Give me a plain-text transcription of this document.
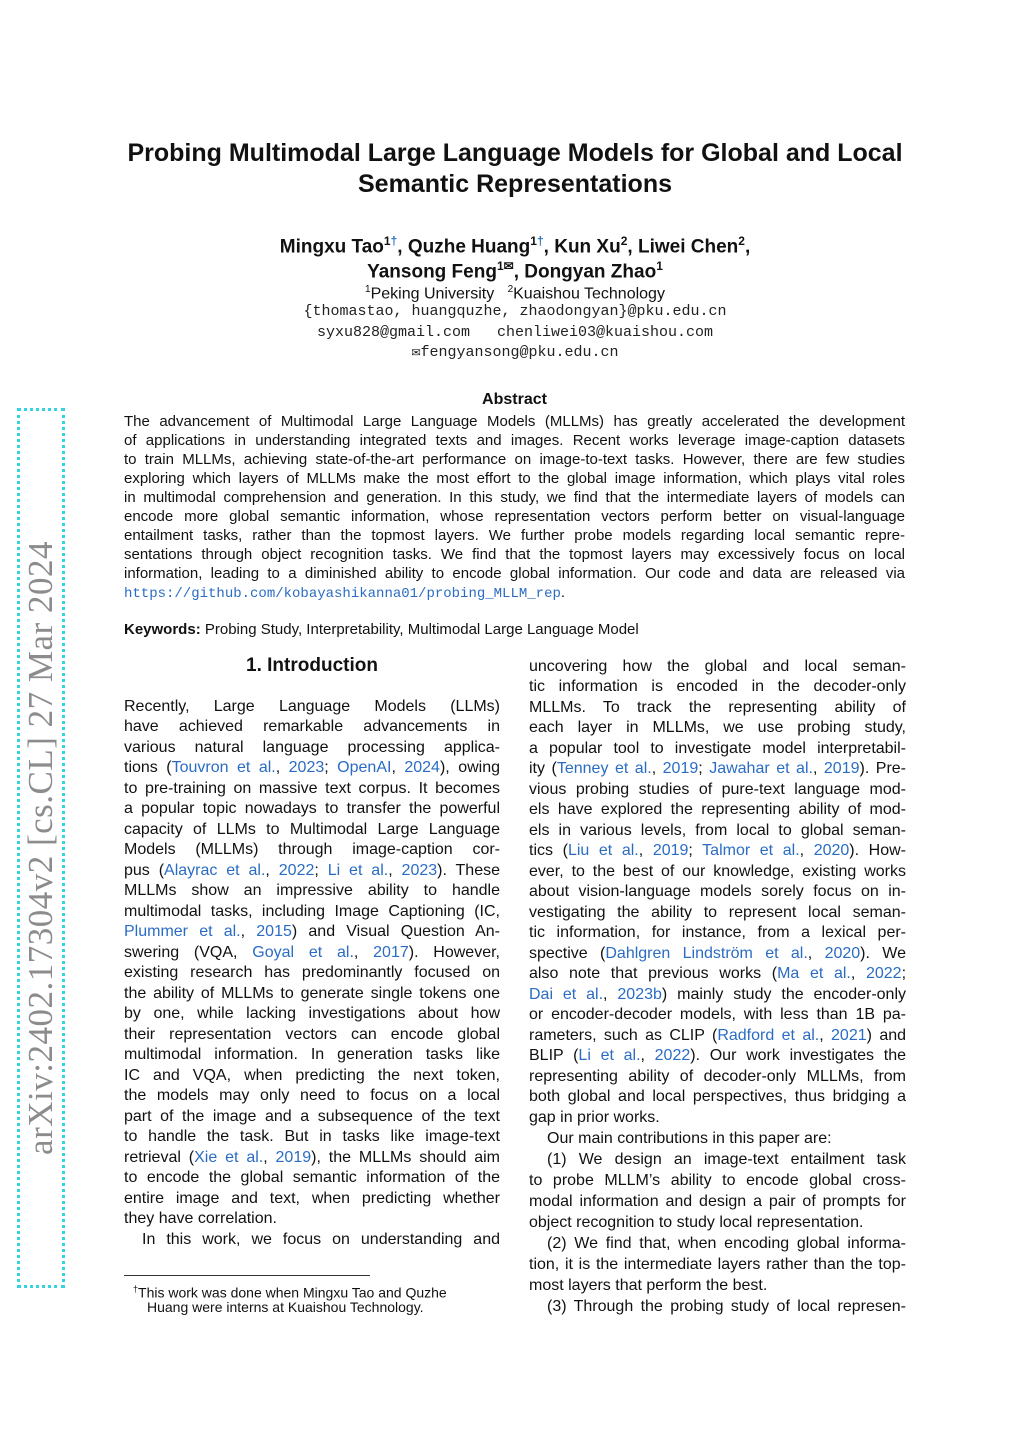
arXiv:2402.17304v2 [cs.CL] 27 Mar 2024
Probing Multimodal Large Language Models for Global and Local
Semantic Representations
Mingxu Tao$^{1\dagger}$, Quzhe Huang$^{1\dagger}$, Kun Xu$^2$, Liwei Chen$^2$,
Yansong Feng$^{1✉}$, Dongyan Zhao$^1$
$^1$Peking University $^2$Kuaishou Technology
{thomastao, huangquzhe, zhaodongyan}@pku.edu.cn
syxu828@gmail.com chenliwei03@kuaishou.com
✉fengyansong@pku.edu.cn
Abstract
The advancement of Multimodal Large Language Models (MLLMs) has greatly accelerated the development
of applications in understanding integrated texts and images. Recent works leverage image-caption datasets
to train MLLMs, achieving state-of-the-art performance on image-to-text tasks. However, there are few studies
exploring which layers of MLLMs make the most effort to the global image information, which plays vital roles
in multimodal comprehension and generation. In this study, we find that the intermediate layers of models can
encode more global semantic information, whose representation vectors perform better on visual-language
entailment tasks, rather than the topmost layers. We further probe models regarding local semantic repre-
sentations through object recognition tasks. We find that the topmost layers may excessively focus on local
information, leading to a diminished ability to encode global information. Our code and data are released via
https://github.com/kobayashikanna01/probing_MLLM_rep.
Keywords: Probing Study, Interpretability, Multimodal Large Language Model
1. Introduction
Recently, Large Language Models (LLMs)
have achieved remarkable advancements in
various natural language processing applica-
tions (Touvron et al., 2023; OpenAI, 2024), owing
to pre-training on massive text corpus. It becomes
a popular topic nowadays to transfer the powerful
capacity of LLMs to Multimodal Large Language
Models (MLLMs) through image-caption cor-
pus (Alayrac et al., 2022; Li et al., 2023). These
MLLMs show an impressive ability to handle
multimodal tasks, including Image Captioning (IC,
Plummer et al., 2015) and Visual Question An-
swering (VQA, Goyal et al., 2017). However,
existing research has predominantly focused on
the ability of MLLMs to generate single tokens one
by one, while lacking investigations about how
their representation vectors can encode global
multimodal information. In generation tasks like
IC and VQA, when predicting the next token,
the models may only need to focus on a local
part of the image and a subsequence of the text
to handle the task. But in tasks like image-text
retrieval (Xie et al., 2019), the MLLMs should aim
to encode the global semantic information of the
entire image and text, when predicting whether
they have correlation.
In this work, we focus on understanding and
†This work was done when Mingxu Tao and Quzhe
Huang were interns at Kuaishou Technology.
uncovering how the global and local seman-
tic information is encoded in the decoder-only
MLLMs. To track the representing ability of
each layer in MLLMs, we use probing study,
a popular tool to investigate model interpretabil-
ity (Tenney et al., 2019; Jawahar et al., 2019). Pre-
vious probing studies of pure-text language mod-
els have explored the representing ability of mod-
els in various levels, from local to global seman-
tics (Liu et al., 2019; Talmor et al., 2020). How-
ever, to the best of our knowledge, existing works
about vision-language models sorely focus on in-
vestigating the ability to represent local seman-
tic information, for instance, from a lexical per-
spective (Dahlgren Lindström et al., 2020). We
also note that previous works (Ma et al., 2022;
Dai et al., 2023b) mainly study the encoder-only
or encoder-decoder models, with less than 1B pa-
rameters, such as CLIP (Radford et al., 2021) and
BLIP (Li et al., 2022). Our work investigates the
representing ability of decoder-only MLLMs, from
both global and local perspectives, thus bridging a
gap in prior works.
Our main contributions in this paper are:
(1) We design an image-text entailment task
to probe MLLM’s ability to encode global cross-
modal information and design a pair of prompts for
object recognition to study local representation.
(2) We find that, when encoding global informa-
tion, it is the intermediate layers rather than the top-
most layers that perform the best.
(3) Through the probing study of local represen-
